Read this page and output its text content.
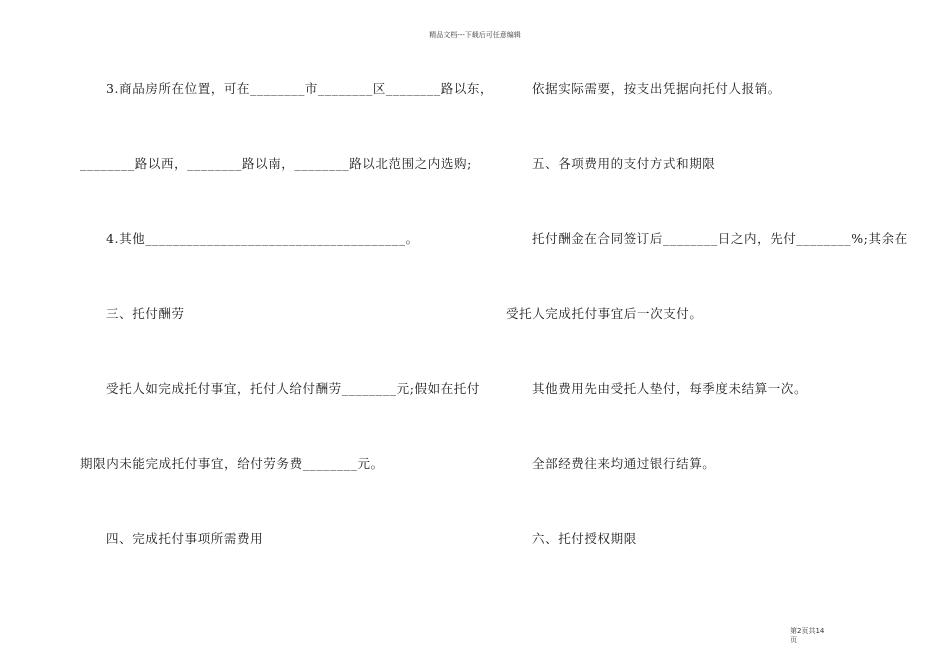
精品文档---下载后可任意编辑
3.商品房所在位置，可在________市________区________路以东，
________路以西，________路以南，________路以北范围之内选购;
4.其他______________________________________。
三、托付酬劳
受托人如完成托付事宜，托付人给付酬劳________元;假如在托付
期限内未能完成托付事宜，给付劳务费________元。
四、完成托付事项所需费用
依据实际需要，按支出凭据向托付人报销。
五、各项费用的支付方式和期限
托付酬金在合同签订后________日之内，先付________%;其余在
受托人完成托付事宜后一次支付。
其他费用先由受托人垫付，每季度未结算一次。
全部经费往来均通过银行结算。
六、托付授权期限
第2页共14
页
